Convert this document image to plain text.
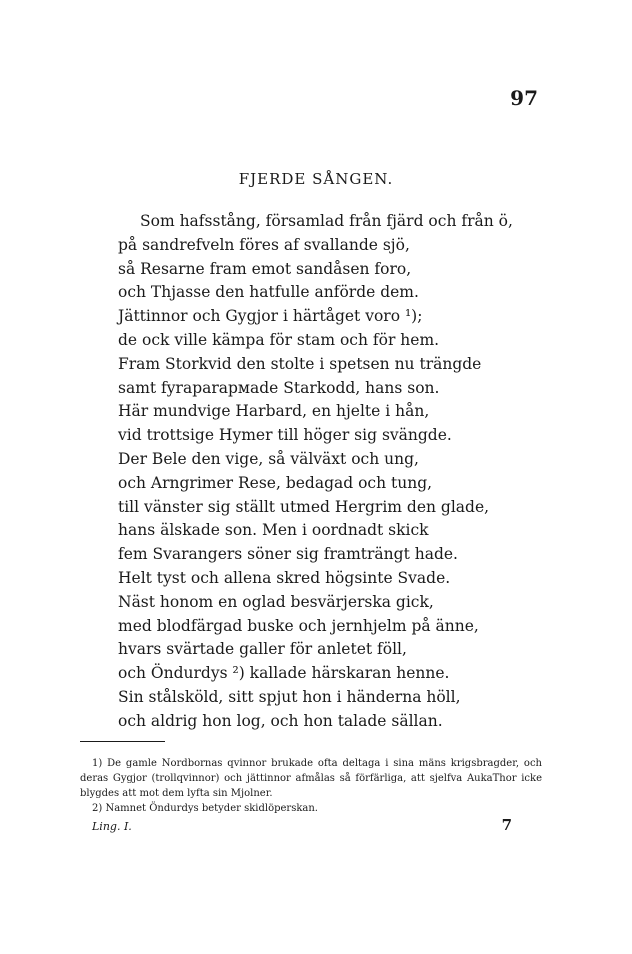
97
FJERDE SÅNGEN.
Som hafsstång, församlad från fjärd och från ö,
på sandrefveln föres af svallande sjö,
så Resarne fram emot sandåsen foro,
och Thjasse den hatfulle anförde dem.
Jättinnor och Gygjor i härtåget voro ¹);
de ock ville kämpa för stam och för hem.
Fram Storkvid den stolte i spetsen nu trängde
samt fyraparармade Starkodd, hans son.
Här mundvige Harbard, en hjelte i hån,
vid trottsige Hymer till höger sig svängde.
Der Bele den vige, så välväxt och ung,
och Arngrimer Rese, bedagad och tung,
till vänster sig ställt utmed Hergrim den glade,
hans älskade son. Men i oordnadt skick
fem Svarangers söner sig framträngt hade.
Helt tyst och allena skred högsinte Svade.
Näst honom en oglad besvärjerska gick,
med blodfärgad buske och jernhjelm på änne,
hvars svärtade galler för anletet föll,
och Öndurdys ²) kallade härskaran henne.
Sin stålsköld, sitt spjut hon i händerna höll,
och aldrig hon log, och hon talade sällan.

1) De gamle Nordbornas qvinnor brukade ofta deltaga i sina mäns krigsbragder, och deras Gygjor (trollqvinnor) och jättinnor afmålas så förfärliga, att sjelfva AukaThor icke blygdes att mot dem lyfta sin Mjolner.

2) Namnet Öndurdys betyder skidlöperskan.

Ling. I.	7
